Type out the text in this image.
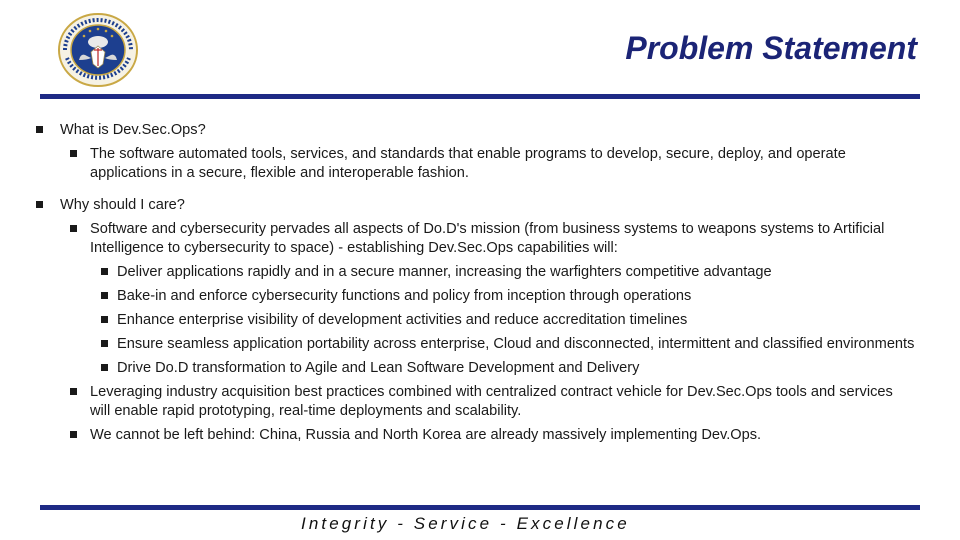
Problem Statement
What is Dev.Sec.Ops?
The software automated tools, services, and standards that enable programs to develop, secure, deploy, and operate applications in a secure, flexible and interoperable fashion.
Why should I care?
Software and cybersecurity pervades all aspects of Do.D's mission (from business systems to weapons systems to Artificial Intelligence to cybersecurity to space) - establishing Dev.Sec.Ops capabilities will:
Deliver applications rapidly and in a secure manner, increasing the warfighters competitive advantage
Bake-in and enforce cybersecurity functions and policy from inception through operations
Enhance enterprise visibility of development activities and reduce accreditation timelines
Ensure seamless application portability across enterprise, Cloud and disconnected, intermittent and classified environments
Drive Do.D transformation to Agile and Lean Software Development and Delivery
Leveraging industry acquisition best practices combined with centralized contract vehicle for Dev.Sec.Ops tools and services will enable rapid prototyping, real-time deployments and scalability.
We cannot be left behind: China, Russia and North Korea are already massively implementing Dev.Ops.
Integrity - Service - Excellence
